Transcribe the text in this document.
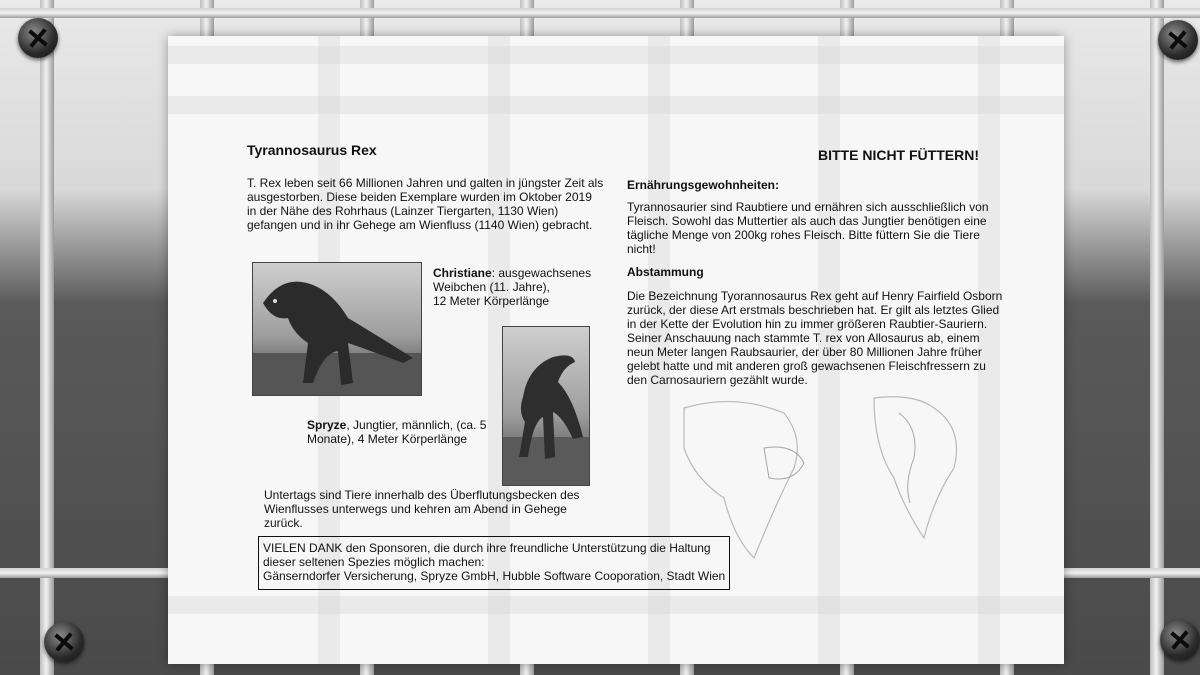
Tyrannosaurus Rex	BITTE NICHT FÜTTERN!
T. Rex leben seit 66 Millionen Jahren und galten in jüngster Zeit als
ausgestorben. Diese beiden Exemplare wurden im Oktober 2019
in der Nähe des Rohrhaus (Lainzer Tiergarten, 1130 Wien)
gefangen und in ihr Gehege am Wienfluss (1140 Wien) gebracht.
Christiane: ausgewachsenes
Weibchen (11. Jahre),
12 Meter Körperlänge
Spryze, Jungtier, männlich, (ca. 5
Monate), 4 Meter Körperlänge
Untertags sind Tiere innerhalb des Überflutungsbecken des
Wienflusses unterwegs und kehren am Abend in Gehege
zurück.
VIELEN DANK den Sponsoren, die durch ihre freundliche Unterstützung die Haltung
dieser seltenen Spezies möglich machen:
Gänserndorfer Versicherung, Spryze GmbH, Hubble Software Cooporation, Stadt Wien
Ernährungsgewohnheiten:
Tyrannosaurier sind Raubtiere und ernähren sich ausschließlich von
Fleisch. Sowohl das Muttertier als auch das Jungtier benötigen eine
tägliche Menge von 200kg rohes Fleisch. Bitte füttern Sie die Tiere
nicht!
Abstammung
Die Bezeichnung Tyorannosaurus Rex geht auf Henry Fairfield Osborn
zurück, der diese Art erstmals beschrieben hat. Er gilt als letztes Glied
in der Kette der Evolution hin zu immer größeren Raubtier-Sauriern.
Seiner Anschauung nach stammte T. rex von Allosaurus ab, einem
neun Meter langen Raubsaurier, der über 80 Millionen Jahre früher
gelebt hatte und mit anderen groß gewachsenen Fleischfressern zu
den Carnosauriern gezählt wurde.
